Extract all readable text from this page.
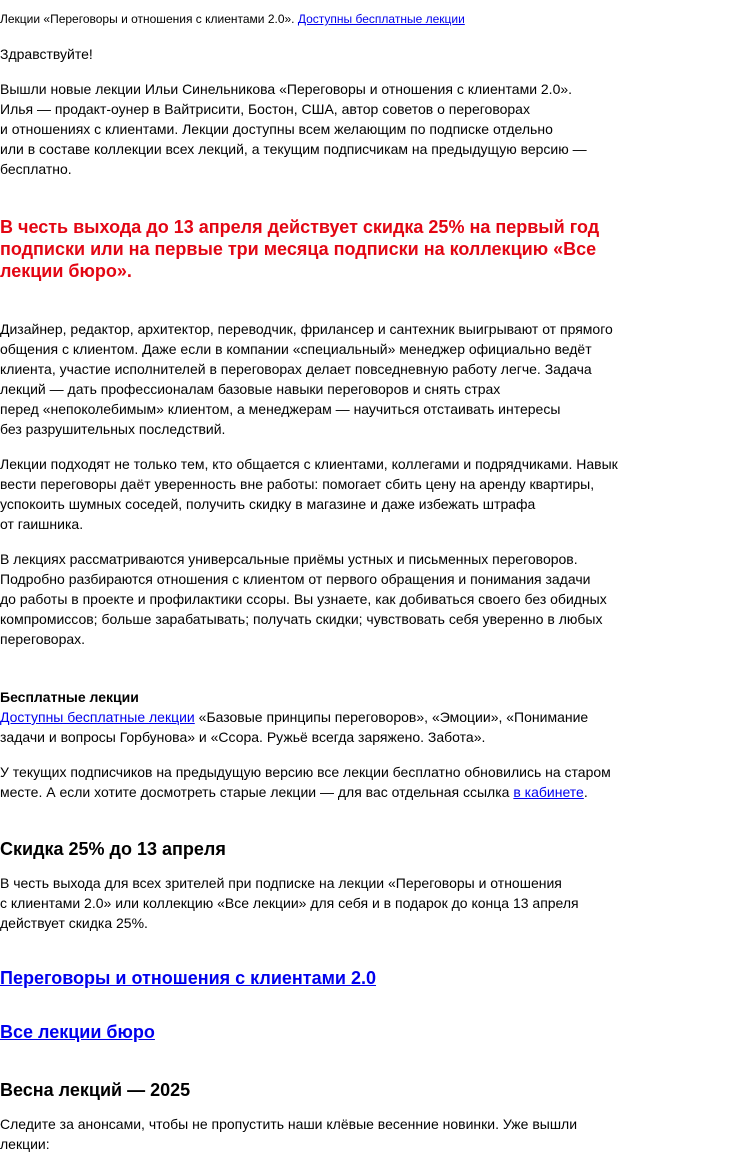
Лекции «Переговоры и отношения с клиентами 2.0». Доступны бесплатные лекции

Здравствуйте!

Вышли новые лекции Ильи Синельникова «Переговоры и отношения с клиентами 2.0».
Илья — продакт-оунер в Вайтрисити, Бостон, США, автор советов о переговорах
и отношениях с клиентами. Лекции доступны всем желающим по подписке отдельно
или в составе коллекции всех лекций, а текущим подписчикам на предыдущую версию —
бесплатно.

В честь выхода до 13 апреля действует скидка 25% на первый год подписки или на первые три месяца подписки на коллекцию «Все лекции бюро».

Дизайнер, редактор, архитектор, переводчик, фрилансер и сантехник выигрывают от прямого
общения с клиентом. Даже если в компании «специальный» менеджер официально ведёт
клиента, участие исполнителей в переговорах делает повседневную работу легче. Задача
лекций — дать профессионалам базовые навыки переговоров и снять страх
перед «непоколебимым» клиентом, а менеджерам — научиться отстаивать интересы
без разрушительных последствий.

Лекции подходят не только тем, кто общается с клиентами, коллегами и подрядчиками. Навык
вести переговоры даёт уверенность вне работы: помогает сбить цену на аренду квартиры,
успокоить шумных соседей, получить скидку в магазине и даже избежать штрафа
от гаишника.

В лекциях рассматриваются универсальные приёмы устных и письменных переговоров.
Подробно разбираются отношения с клиентом от первого обращения и понимания задачи
до работы в проекте и профилактики ссоры. Вы узнаете, как добиваться своего без обидных
компромиссов; больше зарабатывать; получать скидки; чувствовать себя уверенно в любых
переговорах.

Бесплатные лекции
Доступны бесплатные лекции «Базовые принципы переговоров», «Эмоции», «Понимание
задачи и вопросы Горбунова» и «Ссора. Ружьё всегда заряжено. Забота».

У текущих подписчиков на предыдущую версию все лекции бесплатно обновились на старом
месте. А если хотите досмотреть старые лекции — для вас отдельная ссылка в кабинете.

Скидка 25% до 13 апреля

В честь выхода для всех зрителей при подписке на лекции «Переговоры и отношения
с клиентами 2.0» или коллекцию «Все лекции» для себя и в подарок до конца 13 апреля
действует скидка 25%.

Переговоры и отношения с клиентами 2.0
Все лекции бюро
Весна лекций — 2025

Следите за анонсами, чтобы не пропустить наши клёвые весенние новинки. Уже вышли
лекции:
